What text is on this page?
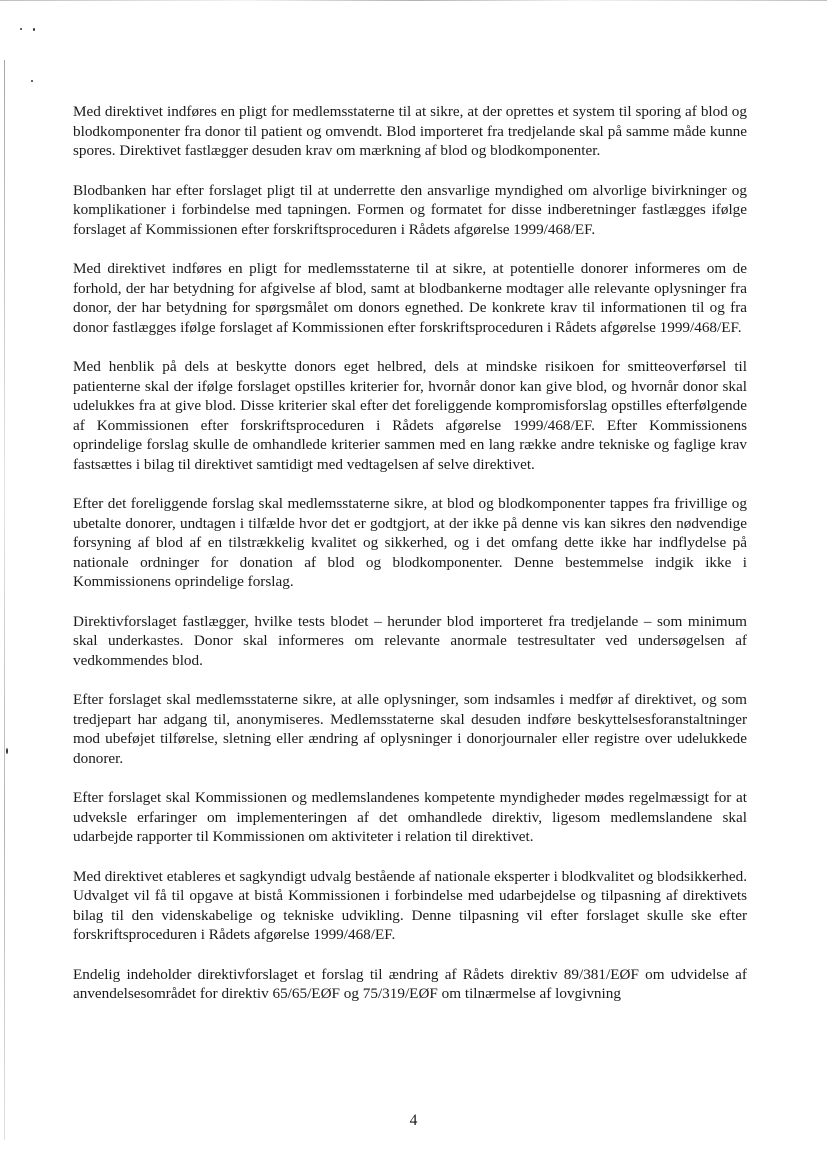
Med direktivet indføres en pligt for medlemsstaterne til at sikre, at der oprettes et system til sporing af blod og blodkomponenter fra donor til patient og omvendt. Blod importeret fra tredjelande skal på samme måde kunne spores. Direktivet fastlægger desuden krav om mærkning af blod og blodkomponenter.

Blodbanken har efter forslaget pligt til at underrette den ansvarlige myndighed om alvorlige bivirkninger og komplikationer i forbindelse med tapningen. Formen og formatet for disse indberetninger fastlægges ifølge forslaget af Kommissionen efter forskriftsproceduren i Rådets afgørelse 1999/468/EF.

Med direktivet indføres en pligt for medlemsstaterne til at sikre, at potentielle donorer informeres om de forhold, der har betydning for afgivelse af blod, samt at blodbankerne modtager alle relevante oplysninger fra donor, der har betydning for spørgsmålet om donors egnethed. De konkrete krav til informationen til og fra donor fastlægges ifølge forslaget af Kommissionen efter forskriftsproceduren i Rådets afgørelse 1999/468/EF.

Med henblik på dels at beskytte donors eget helbred, dels at mindske risikoen for smitteoverførsel til patienterne skal der ifølge forslaget opstilles kriterier for, hvornår donor kan give blod, og hvornår donor skal udelukkes fra at give blod. Disse kriterier skal efter det foreliggende kompromisforslag opstilles efterfølgende af Kommissionen efter forskriftsproceduren i Rådets afgørelse 1999/468/EF. Efter Kommissionens oprindelige forslag skulle de omhandlede kriterier sammen med en lang række andre tekniske og faglige krav fastsættes i bilag til direktivet samtidigt med vedtagelsen af selve direktivet.

Efter det foreliggende forslag skal medlemsstaterne sikre, at blod og blodkomponenter tappes fra frivillige og ubetalte donorer, undtagen i tilfælde hvor det er godtgjort, at der ikke på denne vis kan sikres den nødvendige forsyning af blod af en tilstrækkelig kvalitet og sikkerhed, og i det omfang dette ikke har indflydelse på nationale ordninger for donation af blod og blodkomponenter. Denne bestemmelse indgik ikke i Kommissionens oprindelige forslag.

Direktivforslaget fastlægger, hvilke tests blodet – herunder blod importeret fra tredjelande – som minimum skal underkastes. Donor skal informeres om relevante anormale testresultater ved undersøgelsen af vedkommendes blod.

Efter forslaget skal medlemsstaterne sikre, at alle oplysninger, som indsamles i medfør af direktivet, og som tredjepart har adgang til, anonymiseres. Medlemsstaterne skal desuden indføre beskyttelsesforanstaltninger mod ubeføjet tilførelse, sletning eller ændring af oplysninger i donorjournaler eller registre over udelukkede donorer.

Efter forslaget skal Kommissionen og medlemslandenes kompetente myndigheder mødes regelmæssigt for at udveksle erfaringer om implementeringen af det omhandlede direktiv, ligesom medlemslandene skal udarbejde rapporter til Kommissionen om aktiviteter i relation til direktivet.

Med direktivet etableres et sagkyndigt udvalg bestående af nationale eksperter i blodkvalitet og blodsikkerhed. Udvalget vil få til opgave at bistå Kommissionen i forbindelse med udarbejdelse og tilpasning af direktivets bilag til den videnskabelige og tekniske udvikling. Denne tilpasning vil efter forslaget skulle ske efter forskriftsproceduren i Rådets afgørelse 1999/468/EF.

Endelig indeholder direktivforslaget et forslag til ændring af Rådets direktiv 89/381/EØF om udvidelse af anvendelsesområdet for direktiv 65/65/EØF og 75/319/EØF om tilnærmelse af lovgivning

4
